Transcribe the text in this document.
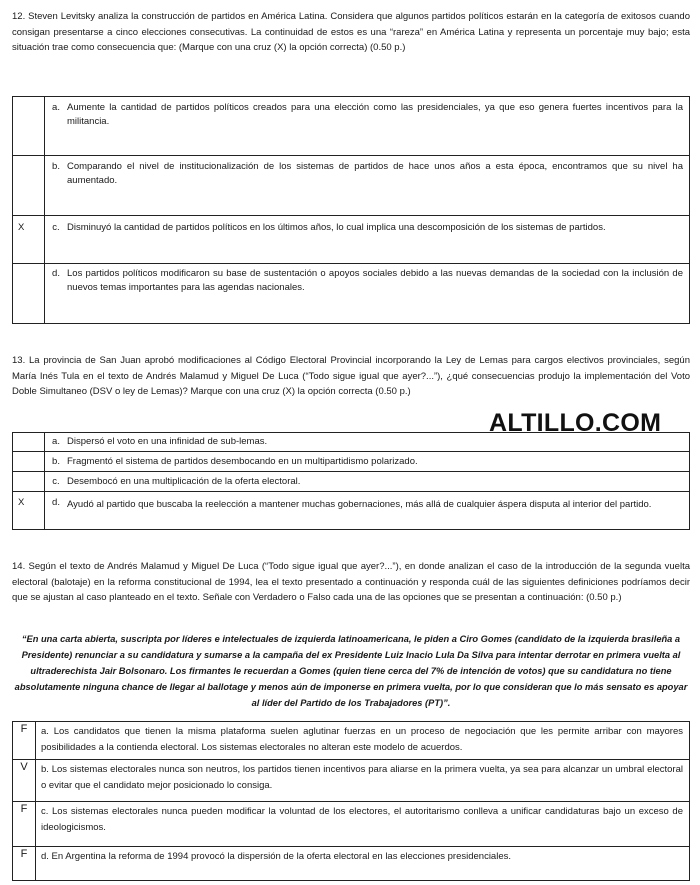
12. Steven Levitsky analiza la construcción de partidos en América Latina. Considera que algunos partidos políticos estarán en la categoría de exitosos cuando consigan presentarse a cinco elecciones consecutivas. La continuidad de estos es una “rareza” en América Latina y representa un porcentaje muy bajo; esta situación trae como consecuencia que: (Marque con una cruz (X) la opción correcta) (0.50 p.)

	a.	Aumente la cantidad de partidos políticos creados para una elección como las presidenciales, ya que eso genera fuertes incentivos para la militancia.
	b.	Comparando el nivel de institucionalización de los sistemas de partidos de hace unos años a esta época, encontramos que su nivel ha aumentado.
X	c.	Disminuyó la cantidad de partidos políticos en los últimos años, lo cual implica una descomposición de los sistemas de partidos.
	d.	Los partidos políticos modificaron su base de sustentación o apoyos sociales debido a las nuevas demandas de la sociedad con la inclusión de nuevos temas importantes para las agendas nacionales.

13. La provincia de San Juan aprobó modificaciones al Código Electoral Provincial incorporando la Ley de Lemas para cargos electivos provinciales, según María Inés Tula en el texto de Andrés Malamud y Miguel De Luca (“Todo sigue igual que ayer?...”), ¿qué consecuencias produjo la implementación del Voto Doble Simultaneo (DSV o ley de Lemas)? Marque con una cruz (X) la opción correcta (0.50 p.)

	a.	Dispersó el voto en una infinidad de sub-lemas.
	b.	Fragmentó el sistema de partidos desembocando en un multipartidismo polarizado.
	c.	Desembocó en una multiplicación de la oferta electoral.
X	d.	Ayudó al partido que buscaba la reelección a mantener muchas gobernaciones, más allá de cualquier áspera disputa al interior del partido.

14. Según el texto de Andrés Malamud y Miguel De Luca (“Todo sigue igual que ayer?...”), en donde analizan el caso de la introducción de la segunda vuelta electoral (balotaje) en la reforma constitucional de 1994, lea el texto presentado a continuación y responda cuál de las siguientes definiciones podríamos decir que se ajustan al caso planteado en el texto. Señale con Verdadero o Falso cada una de las opciones que se presentan a continuación: (0.50 p.)

“En una carta abierta, suscripta por líderes e intelectuales de izquierda latinoamericana, le piden a Ciro Gomes (candidato de la izquierda brasileña a Presidente) renunciar a su candidatura y sumarse a la campaña del ex Presidente Luiz Inacio Lula Da Silva para intentar derrotar en primera vuelta al ultraderechista Jair Bolsonaro. Los firmantes le recuerdan a Gomes (quien tiene cerca del 7% de intención de votos) que su candidatura no tiene absolutamente ninguna chance de llegar al ballotage y menos aún de imponerse en primera vuelta, por lo que consideran que lo más sensato es apoyar al líder del Partido de los Trabajadores (PT)”.

F	a. Los candidatos que tienen la misma plataforma suelen aglutinar fuerzas en un proceso de negociación que les permite arribar con mayores posibilidades a la contienda electoral. Los sistemas electorales no alteran este modelo de acuerdos.
V	b. Los sistemas electorales nunca son neutros, los partidos tienen incentivos para aliarse en la primera vuelta, ya sea para alcanzar un umbral electoral o evitar que el candidato mejor posicionado lo consiga.
F	c. Los sistemas electorales nunca pueden modificar la voluntad de los electores, el autoritarismo conlleva a unificar candidaturas bajo un exceso de ideologicismos.
F	d. En Argentina la reforma de 1994 provocó la dispersión de la oferta electoral en las elecciones presidenciales.
ALTILLO.COM
